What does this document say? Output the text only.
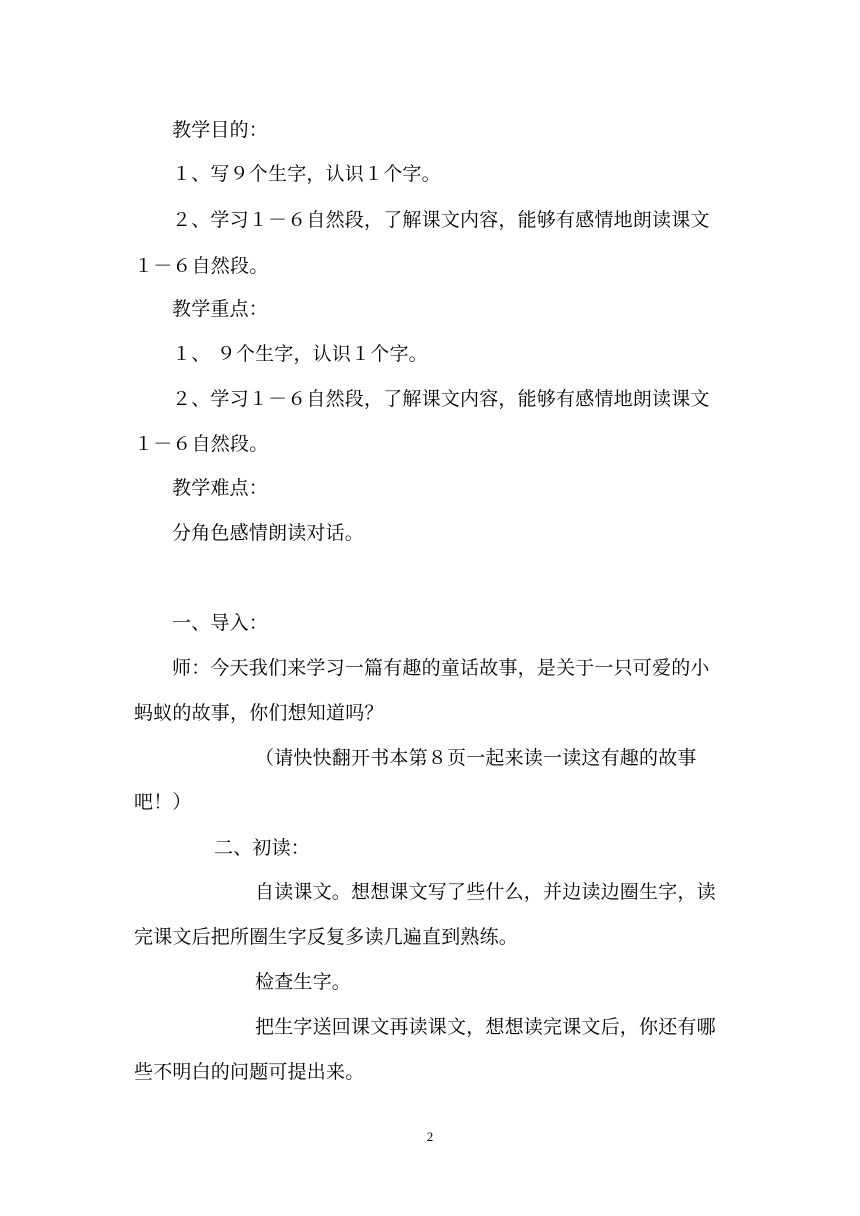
教学目的：
１、写９个生字，认识１个字。
２、学习１－６自然段，了解课文内容，能够有感情地朗读课文
１－６自然段。
教学重点：
１、 ９个生字，认识１个字。
２、学习１－６自然段，了解课文内容，能够有感情地朗读课文
１－６自然段。
教学难点：
分角色感情朗读对话。
一、导入：
师：今天我们来学习一篇有趣的童话故事，是关于一只可爱的小
蚂蚁的故事，你们想知道吗？
（请快快翻开书本第８页一起来读一读这有趣的故事
吧！）
二、初读：
自读课文。想想课文写了些什么，并边读边圈生字，读
完课文后把所圈生字反复多读几遍直到熟练。
检查生字。
把生字送回课文再读课文，想想读完课文后，你还有哪
些不明白的问题可提出来。
2
